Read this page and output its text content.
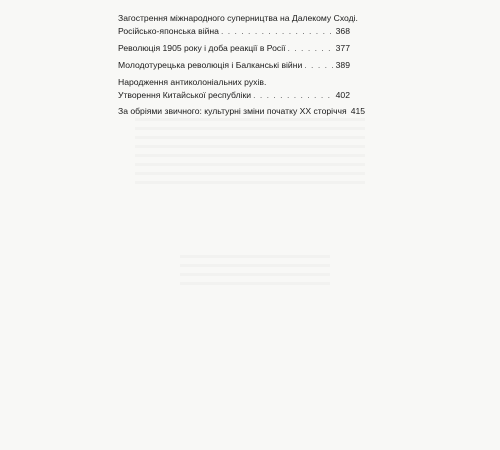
Загострення міжнародного суперництва на Далекому Сході.
Російсько-японська війна . . .	368
Революція 1905 року і доба реакції в Росії . . .	377
Молодотурецька революція і Балканські війни . . .	389
Народження антиколоніальних рухів.
Утворення Китайської республіки . . .	402
За обріями звичного: культурні зміни початку ХХ сторіччя 415
